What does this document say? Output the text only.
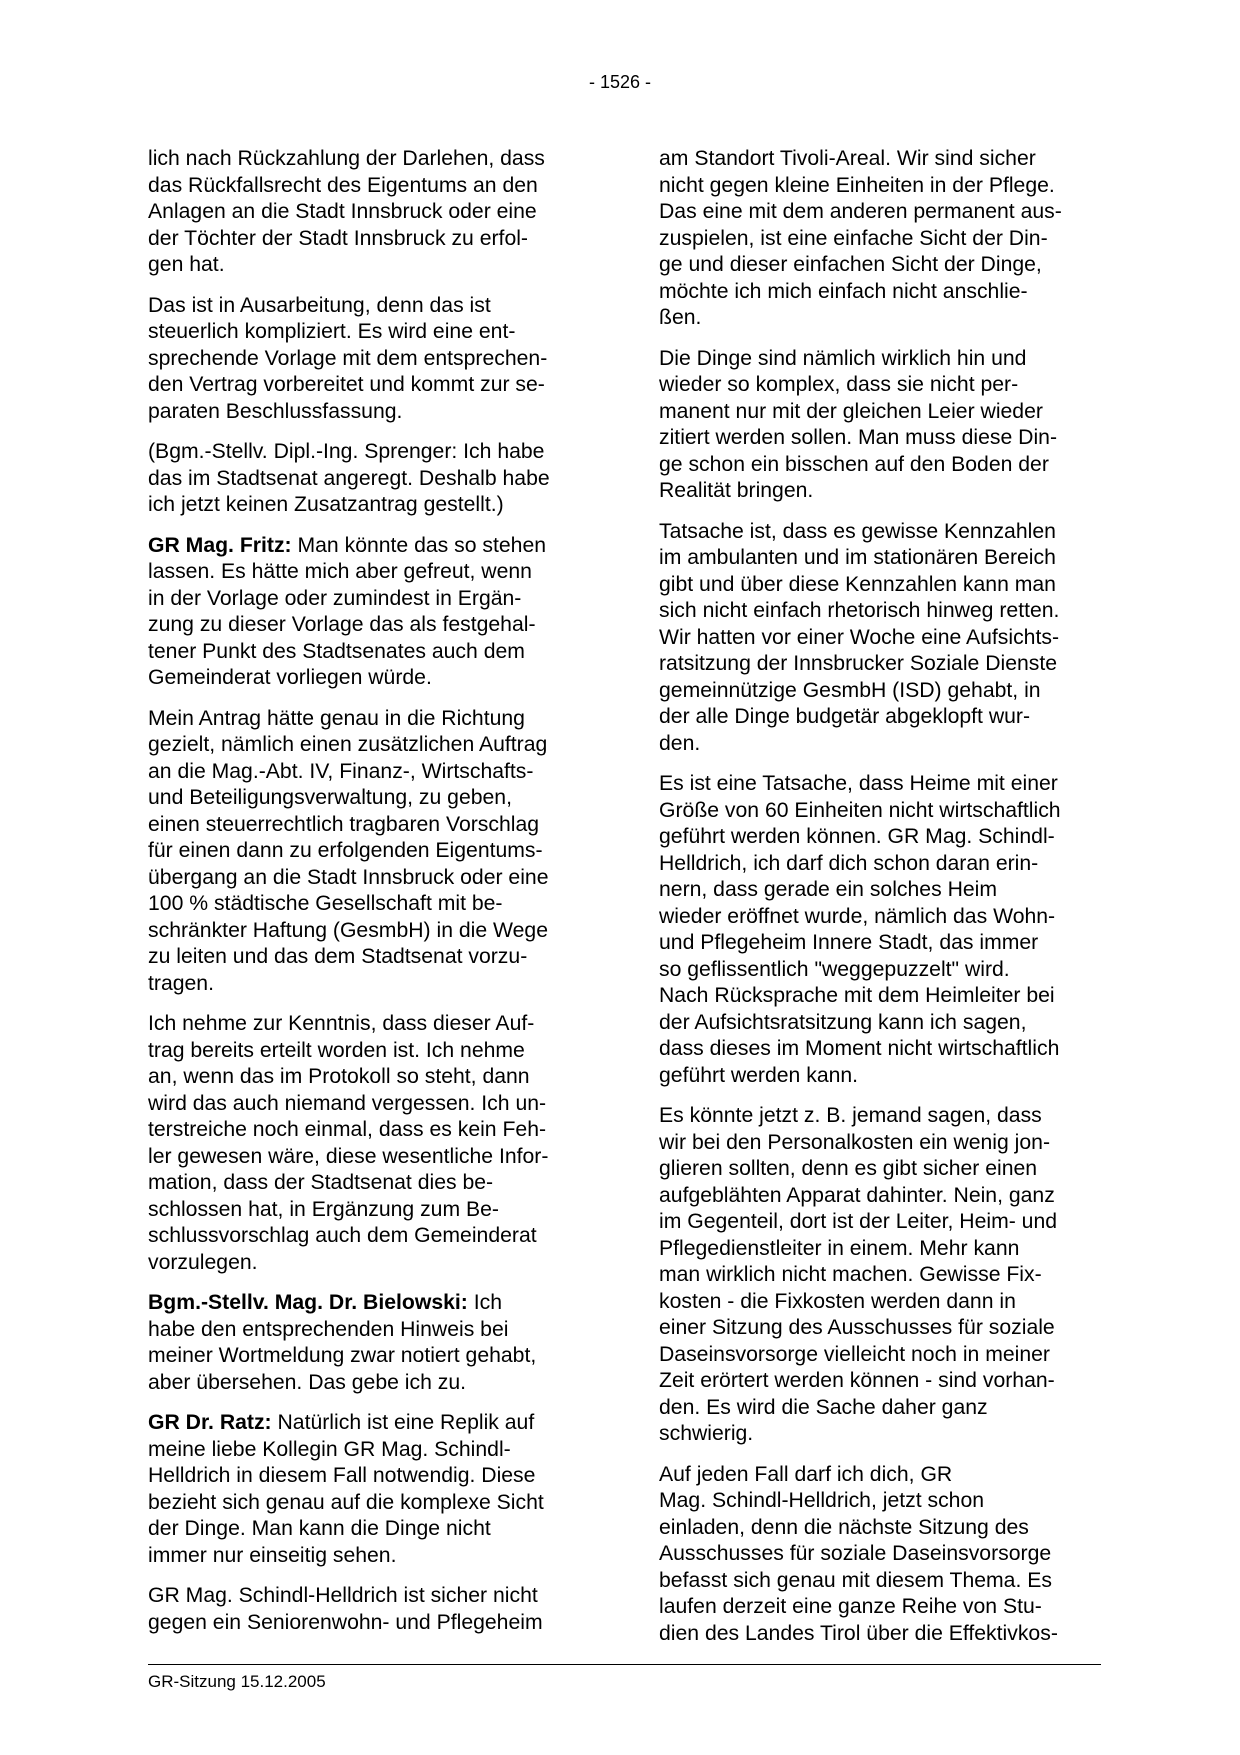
- 1526 -

lich nach Rückzahlung der Darlehen, dass
das Rückfallsrecht des Eigentums an den
Anlagen an die Stadt Innsbruck oder eine
der Töchter der Stadt Innsbruck zu erfol-
gen hat.

Das ist in Ausarbeitung, denn das ist
steuerlich kompliziert. Es wird eine ent-
sprechende Vorlage mit dem entsprechen-
den Vertrag vorbereitet und kommt zur se-
paraten Beschlussfassung.

(Bgm.-Stellv. Dipl.-Ing. Sprenger: Ich habe
das im Stadtsenat angeregt. Deshalb habe
ich jetzt keinen Zusatzantrag gestellt.)

GR Mag. Fritz: Man könnte das so stehen
lassen. Es hätte mich aber gefreut, wenn
in der Vorlage oder zumindest in Ergän-
zung zu dieser Vorlage das als festgehal-
tener Punkt des Stadtsenates auch dem
Gemeinderat vorliegen würde.

Mein Antrag hätte genau in die Richtung
gezielt, nämlich einen zusätzlichen Auftrag
an die Mag.-Abt. IV, Finanz-, Wirtschafts-
und Beteiligungsverwaltung, zu geben,
einen steuerrechtlich tragbaren Vorschlag
für einen dann zu erfolgenden Eigentums-
übergang an die Stadt Innsbruck oder eine
100 % städtische Gesellschaft mit be-
schränkter Haftung (GesmbH) in die Wege
zu leiten und das dem Stadtsenat vorzu-
tragen.

Ich nehme zur Kenntnis, dass dieser Auf-
trag bereits erteilt worden ist. Ich nehme
an, wenn das im Protokoll so steht, dann
wird das auch niemand vergessen. Ich un-
terstreiche noch einmal, dass es kein Feh-
ler gewesen wäre, diese wesentliche Infor-
mation, dass der Stadtsenat dies be-
schlossen hat, in Ergänzung zum Be-
schlussvorschlag auch dem Gemeinderat
vorzulegen.

Bgm.-Stellv. Mag. Dr. Bielowski: Ich
habe den entsprechenden Hinweis bei
meiner Wortmeldung zwar notiert gehabt,
aber übersehen. Das gebe ich zu.

GR Dr. Ratz: Natürlich ist eine Replik auf
meine liebe Kollegin GR Mag. Schindl-
Helldrich in diesem Fall notwendig. Diese
bezieht sich genau auf die komplexe Sicht
der Dinge. Man kann die Dinge nicht
immer nur einseitig sehen.

GR Mag. Schindl-Helldrich ist sicher nicht
gegen ein Seniorenwohn- und Pflegeheim

am Standort Tivoli-Areal. Wir sind sicher
nicht gegen kleine Einheiten in der Pflege.
Das eine mit dem anderen permanent aus-
zuspielen, ist eine einfache Sicht der Din-
ge und dieser einfachen Sicht der Dinge,
möchte ich mich einfach nicht anschlie-
ßen.

Die Dinge sind nämlich wirklich hin und
wieder so komplex, dass sie nicht per-
manent nur mit der gleichen Leier wieder
zitiert werden sollen. Man muss diese Din-
ge schon ein bisschen auf den Boden der
Realität bringen.

Tatsache ist, dass es gewisse Kennzahlen
im ambulanten und im stationären Bereich
gibt und über diese Kennzahlen kann man
sich nicht einfach rhetorisch hinweg retten.
Wir hatten vor einer Woche eine Aufsichts-
ratsitzung der Innsbrucker Soziale Dienste
gemeinnützige GesmbH (ISD) gehabt, in
der alle Dinge budgetär abgeklopft wur-
den.

Es ist eine Tatsache, dass Heime mit einer
Größe von 60 Einheiten nicht wirtschaftlich
geführt werden können. GR Mag. Schindl-
Helldrich, ich darf dich schon daran erin-
nern, dass gerade ein solches Heim
wieder eröffnet wurde, nämlich das Wohn-
und Pflegeheim Innere Stadt, das immer
so geflissentlich "weggepuzzelt" wird.
Nach Rücksprache mit dem Heimleiter bei
der Aufsichtsratsitzung kann ich sagen,
dass dieses im Moment nicht wirtschaftlich
geführt werden kann.

Es könnte jetzt z. B. jemand sagen, dass
wir bei den Personalkosten ein wenig jon-
glieren sollten, denn es gibt sicher einen
aufgeblähten Apparat dahinter. Nein, ganz
im Gegenteil, dort ist der Leiter, Heim- und
Pflegedienstleiter in einem. Mehr kann
man wirklich nicht machen. Gewisse Fix-
kosten - die Fixkosten werden dann in
einer Sitzung des Ausschusses für soziale
Daseinsvorsorge vielleicht noch in meiner
Zeit erörtert werden können - sind vorhan-
den. Es wird die Sache daher ganz
schwierig.

Auf jeden Fall darf ich dich, GR
Mag. Schindl-Helldrich, jetzt schon
einladen, denn die nächste Sitzung des
Ausschusses für soziale Daseinsvorsorge
befasst sich genau mit diesem Thema. Es
laufen derzeit eine ganze Reihe von Stu-
dien des Landes Tirol über die Effektivkos-

GR-Sitzung 15.12.2005
